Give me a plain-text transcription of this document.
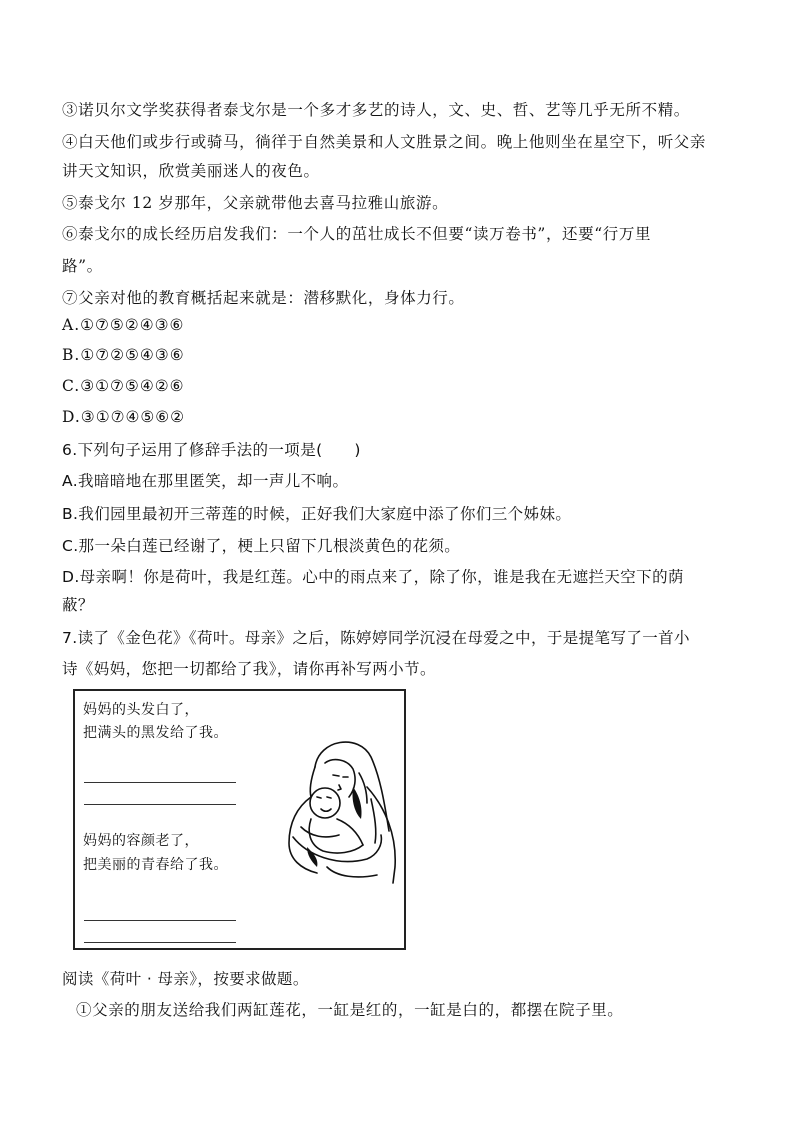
③诺贝尔文学奖获得者泰戈尔是一个多才多艺的诗人，文、史、哲、艺等几乎无所不精。
④白天他们或步行或骑马，徜徉于自然美景和人文胜景之间。晚上他则坐在星空下，听父亲
讲天文知识，欣赏美丽迷人的夜色。
⑤泰戈尔 12 岁那年，父亲就带他去喜马拉雅山旅游。
⑥泰戈尔的成长经历启发我们：一个人的茁壮成长不但要“读万卷书”，还要“行万里
路”。
⑦父亲对他的教育概括起来就是：潜移默化，身体力行。
A.①⑦⑤②④③⑥
B.①⑦②⑤④③⑥
C.③①⑦⑤④②⑥
D.③①⑦④⑤⑥②
6.下列句子运用了修辞手法的一项是(　　)
A.我暗暗地在那里匿笑，却一声儿不响。
B.我们园里最初开三蒂莲的时候，正好我们大家庭中添了你们三个姊妹。
C.那一朵白莲已经谢了，梗上只留下几根淡黄色的花须。
D.母亲啊！你是荷叶，我是红莲。心中的雨点来了，除了你，谁是我在无遮拦天空下的荫
蔽？
7.读了《金色花》《荷叶。母亲》之后，陈婷婷同学沉浸在母爱之中，于是提笔写了一首小
诗《妈妈，您把一切都给了我》，请你再补写两小节。
妈妈的头发白了，
把满头的黑发给了我。
妈妈的容颜老了，
把美丽的青春给了我。
阅读《荷叶 · 母亲》，按要求做题。
①父亲的朋友送给我们两缸莲花，一缸是红的，一缸是白的，都摆在院子里。
